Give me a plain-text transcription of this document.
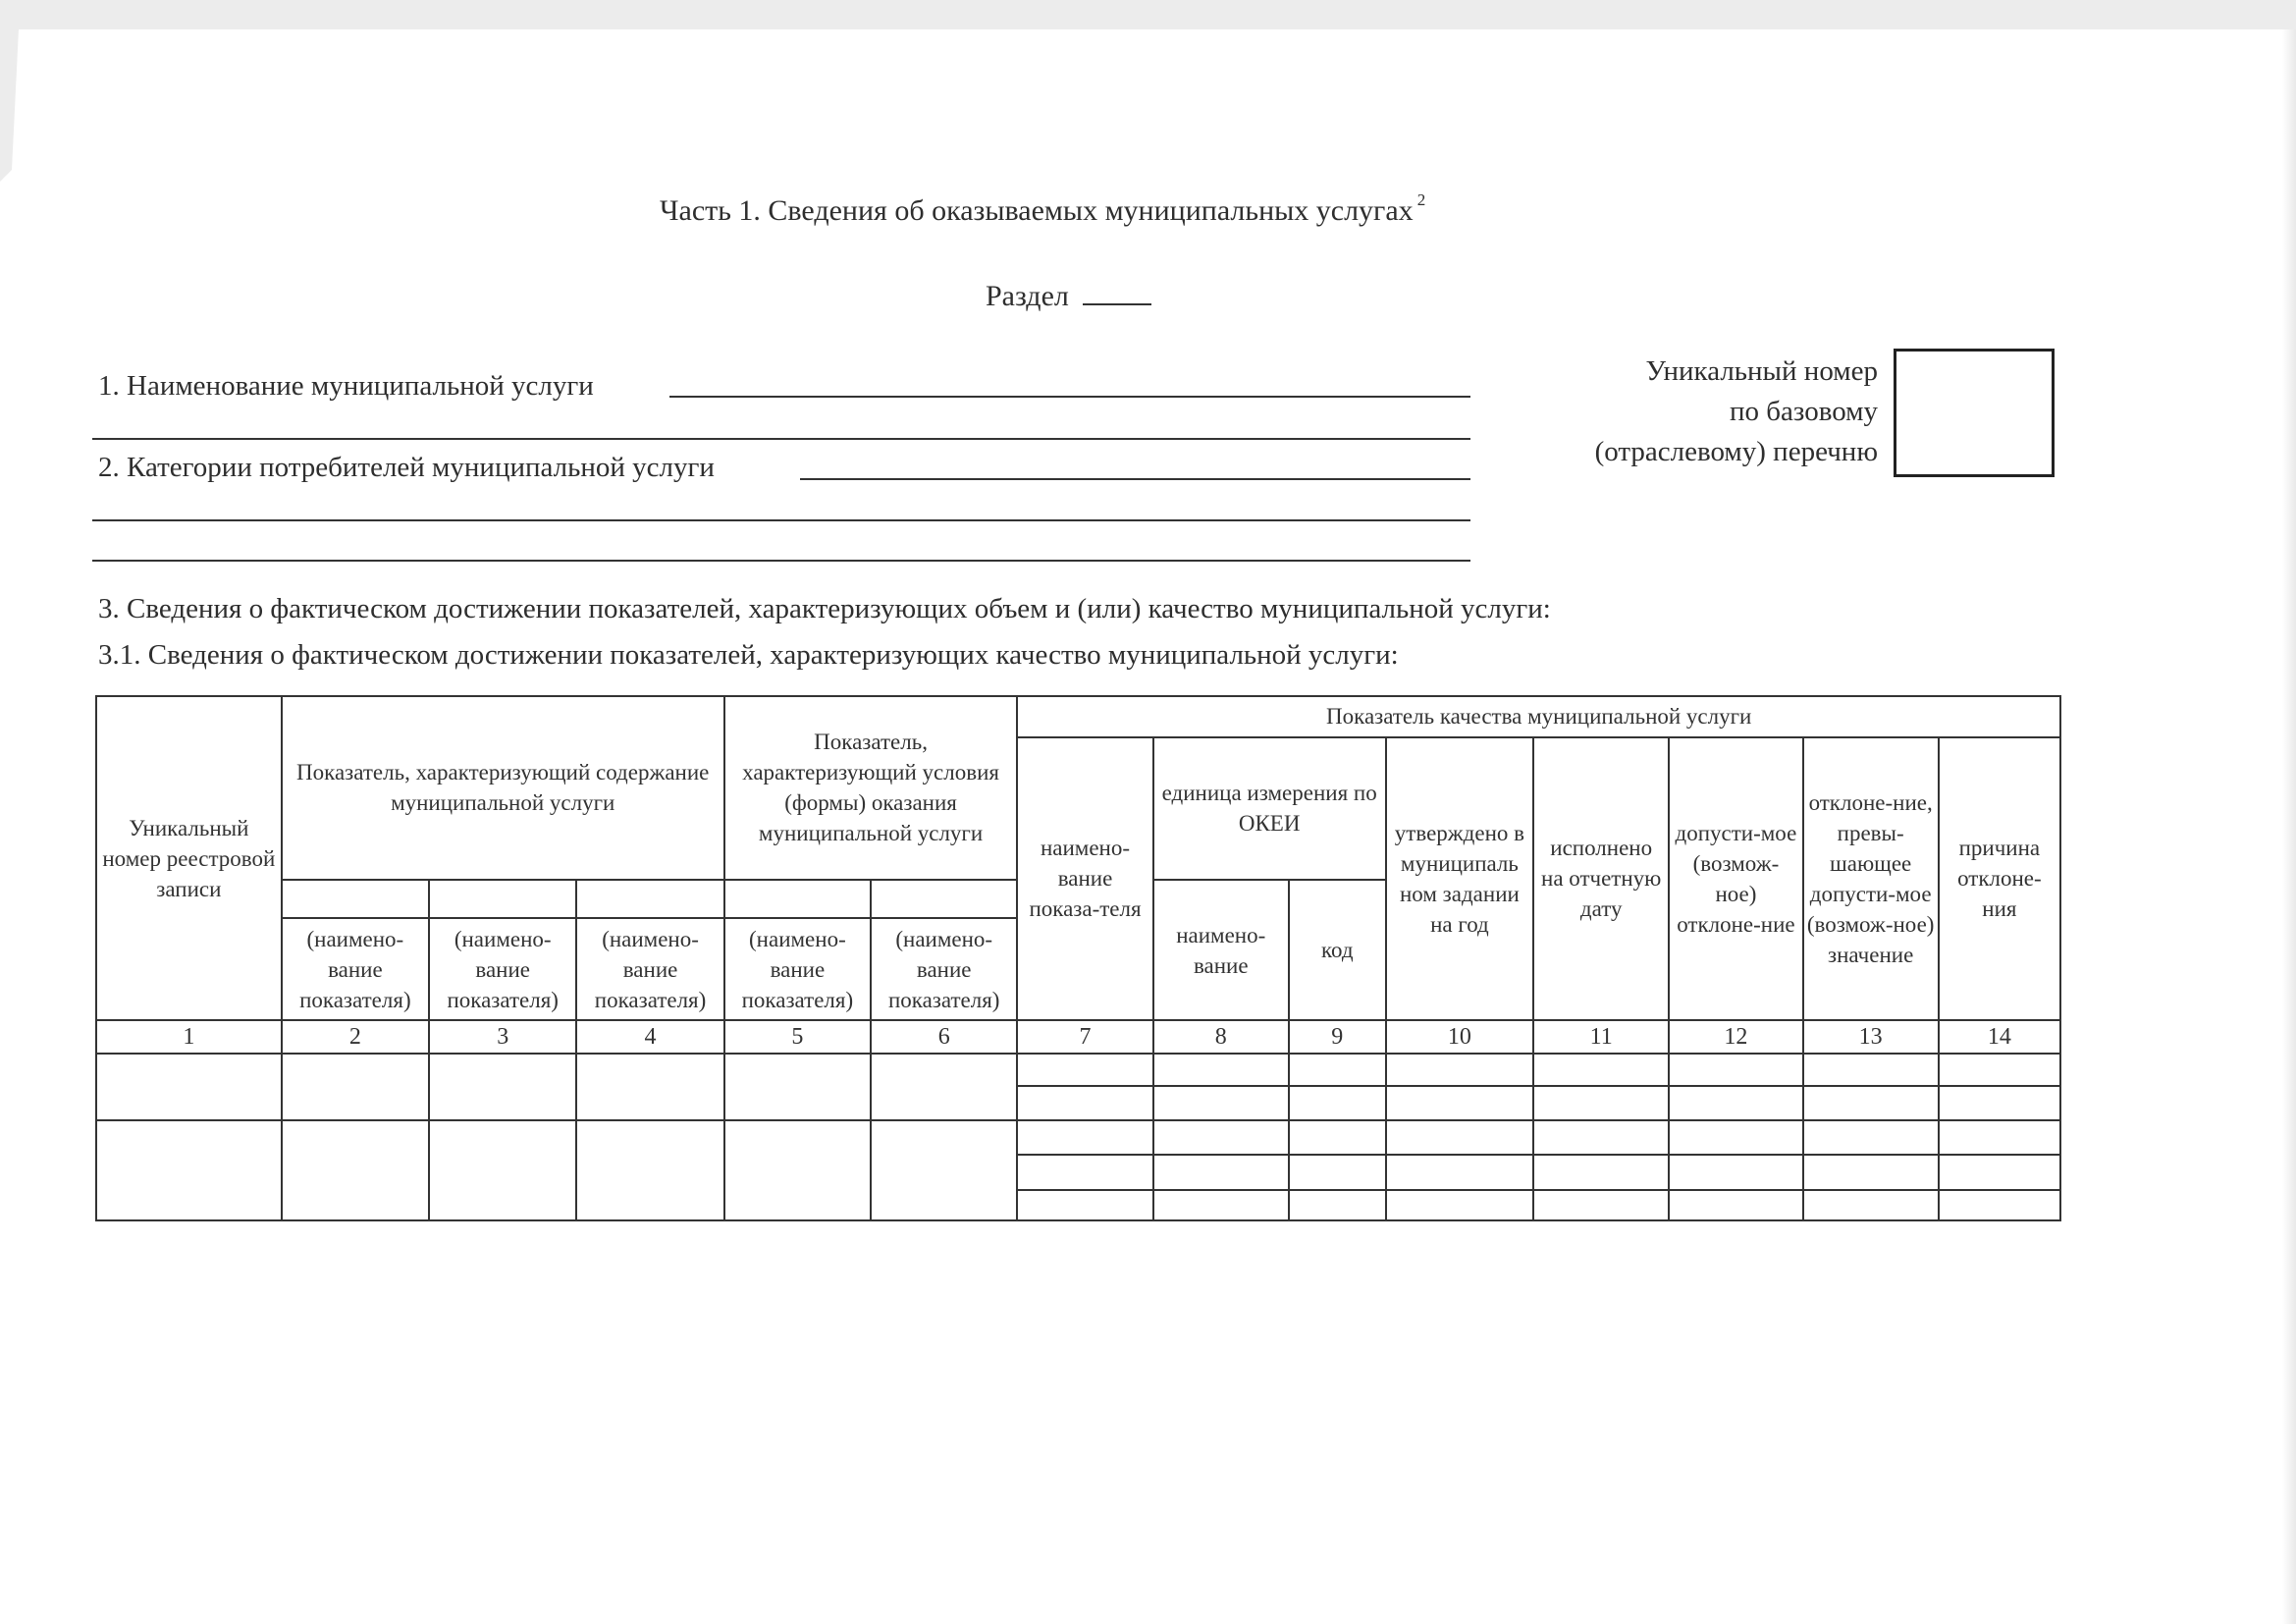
Часть 1. Сведения об оказываемых муниципальных услугах $^2$
Раздел
1. Наименование муниципальной услуги
2. Категории потребителей муниципальной услуги
Уникальный номер
по базовому
(отраслевому) перечню
3. Сведения о фактическом достижении показателей, характеризующих объем и (или) качество муниципальной услуги:
3.1. Сведения о фактическом достижении показателей, характеризующих качество муниципальной услуги:
Уникальный номер реестровой записи	Показатель, характеризующий содержание муниципальной услуги			Показатель, характеризующий условия (формы) оказания муниципальной услуги		Показатель качества муниципальной услуги							
						наимено-вание показа-теля	единица измерения по ОКЕИ		утверждено в муниципаль ном задании на год	исполнено на отчетную дату	допусти-мое (возмож-ное) отклоне-ние	отклоне-ние, превы-шающее допусти-мое (возмож-ное) значение	причина отклоне-ния
							наимено-вание	код					
	(наимено-вание показателя)	(наимено-вание показателя)	(наимено-вание показателя)	(наимено-вание показателя)	(наимено-вание показателя)								
1	2	3	4	5	6	7	8	9	10	11	12	13	14
